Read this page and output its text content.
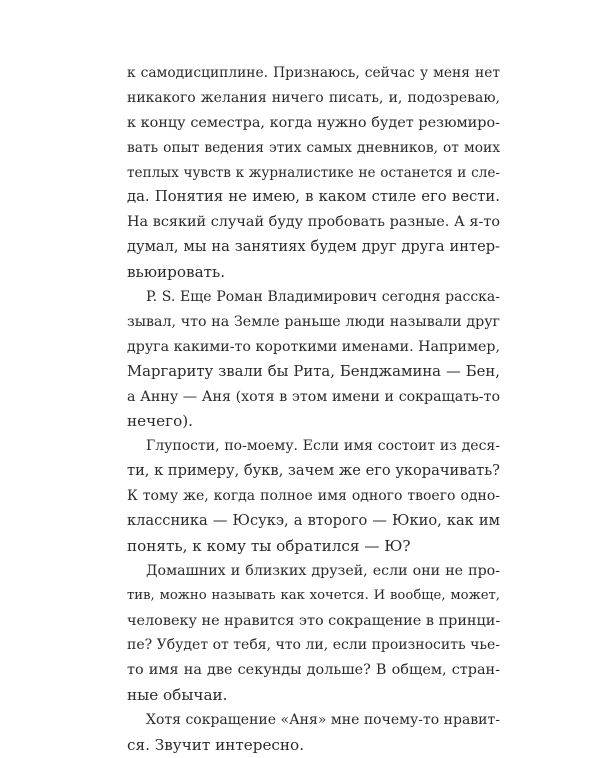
к самодисциплине. Признаюсь, сейчас у меня нет
никакого желания ничего писать, и, подозреваю,
к концу семестра, когда нужно будет резюмиро-
вать опыт ведения этих самых дневников, от моих
теплых чувств к журналистике не останется и сле-
да. Понятия не имею, в каком стиле его вести.
На всякий случай буду пробовать разные. А я-то
думал, мы на занятиях будем друг друга интер-
вьюировать.
P. S. Еще Роман Владимирович сегодня расска-
зывал, что на Земле раньше люди называли друг
друга какими-то короткими именами. Например,
Маргариту звали бы Рита, Бенджамина — Бен,
а Анну — Аня (хотя в этом имени и сокращать-то
нечего).
Глупости, по-моему. Если имя состоит из деся-
ти, к примеру, букв, зачем же его укорачивать?
К тому же, когда полное имя одного твоего одно-
классника — Юсукэ, а второго — Юкио, как им
понять, к кому ты обратился — Ю?
Домашних и близких друзей, если они не про-
тив, можно называть как хочется. И вообще, может,
человеку не нравится это сокращение в принци-
пе? Убудет от тебя, что ли, если произносить чье-
то имя на две секунды дольше? В общем, стран-
ные обычаи.
Хотя сокращение «Аня» мне почему-то нравит-
ся. Звучит интересно.
